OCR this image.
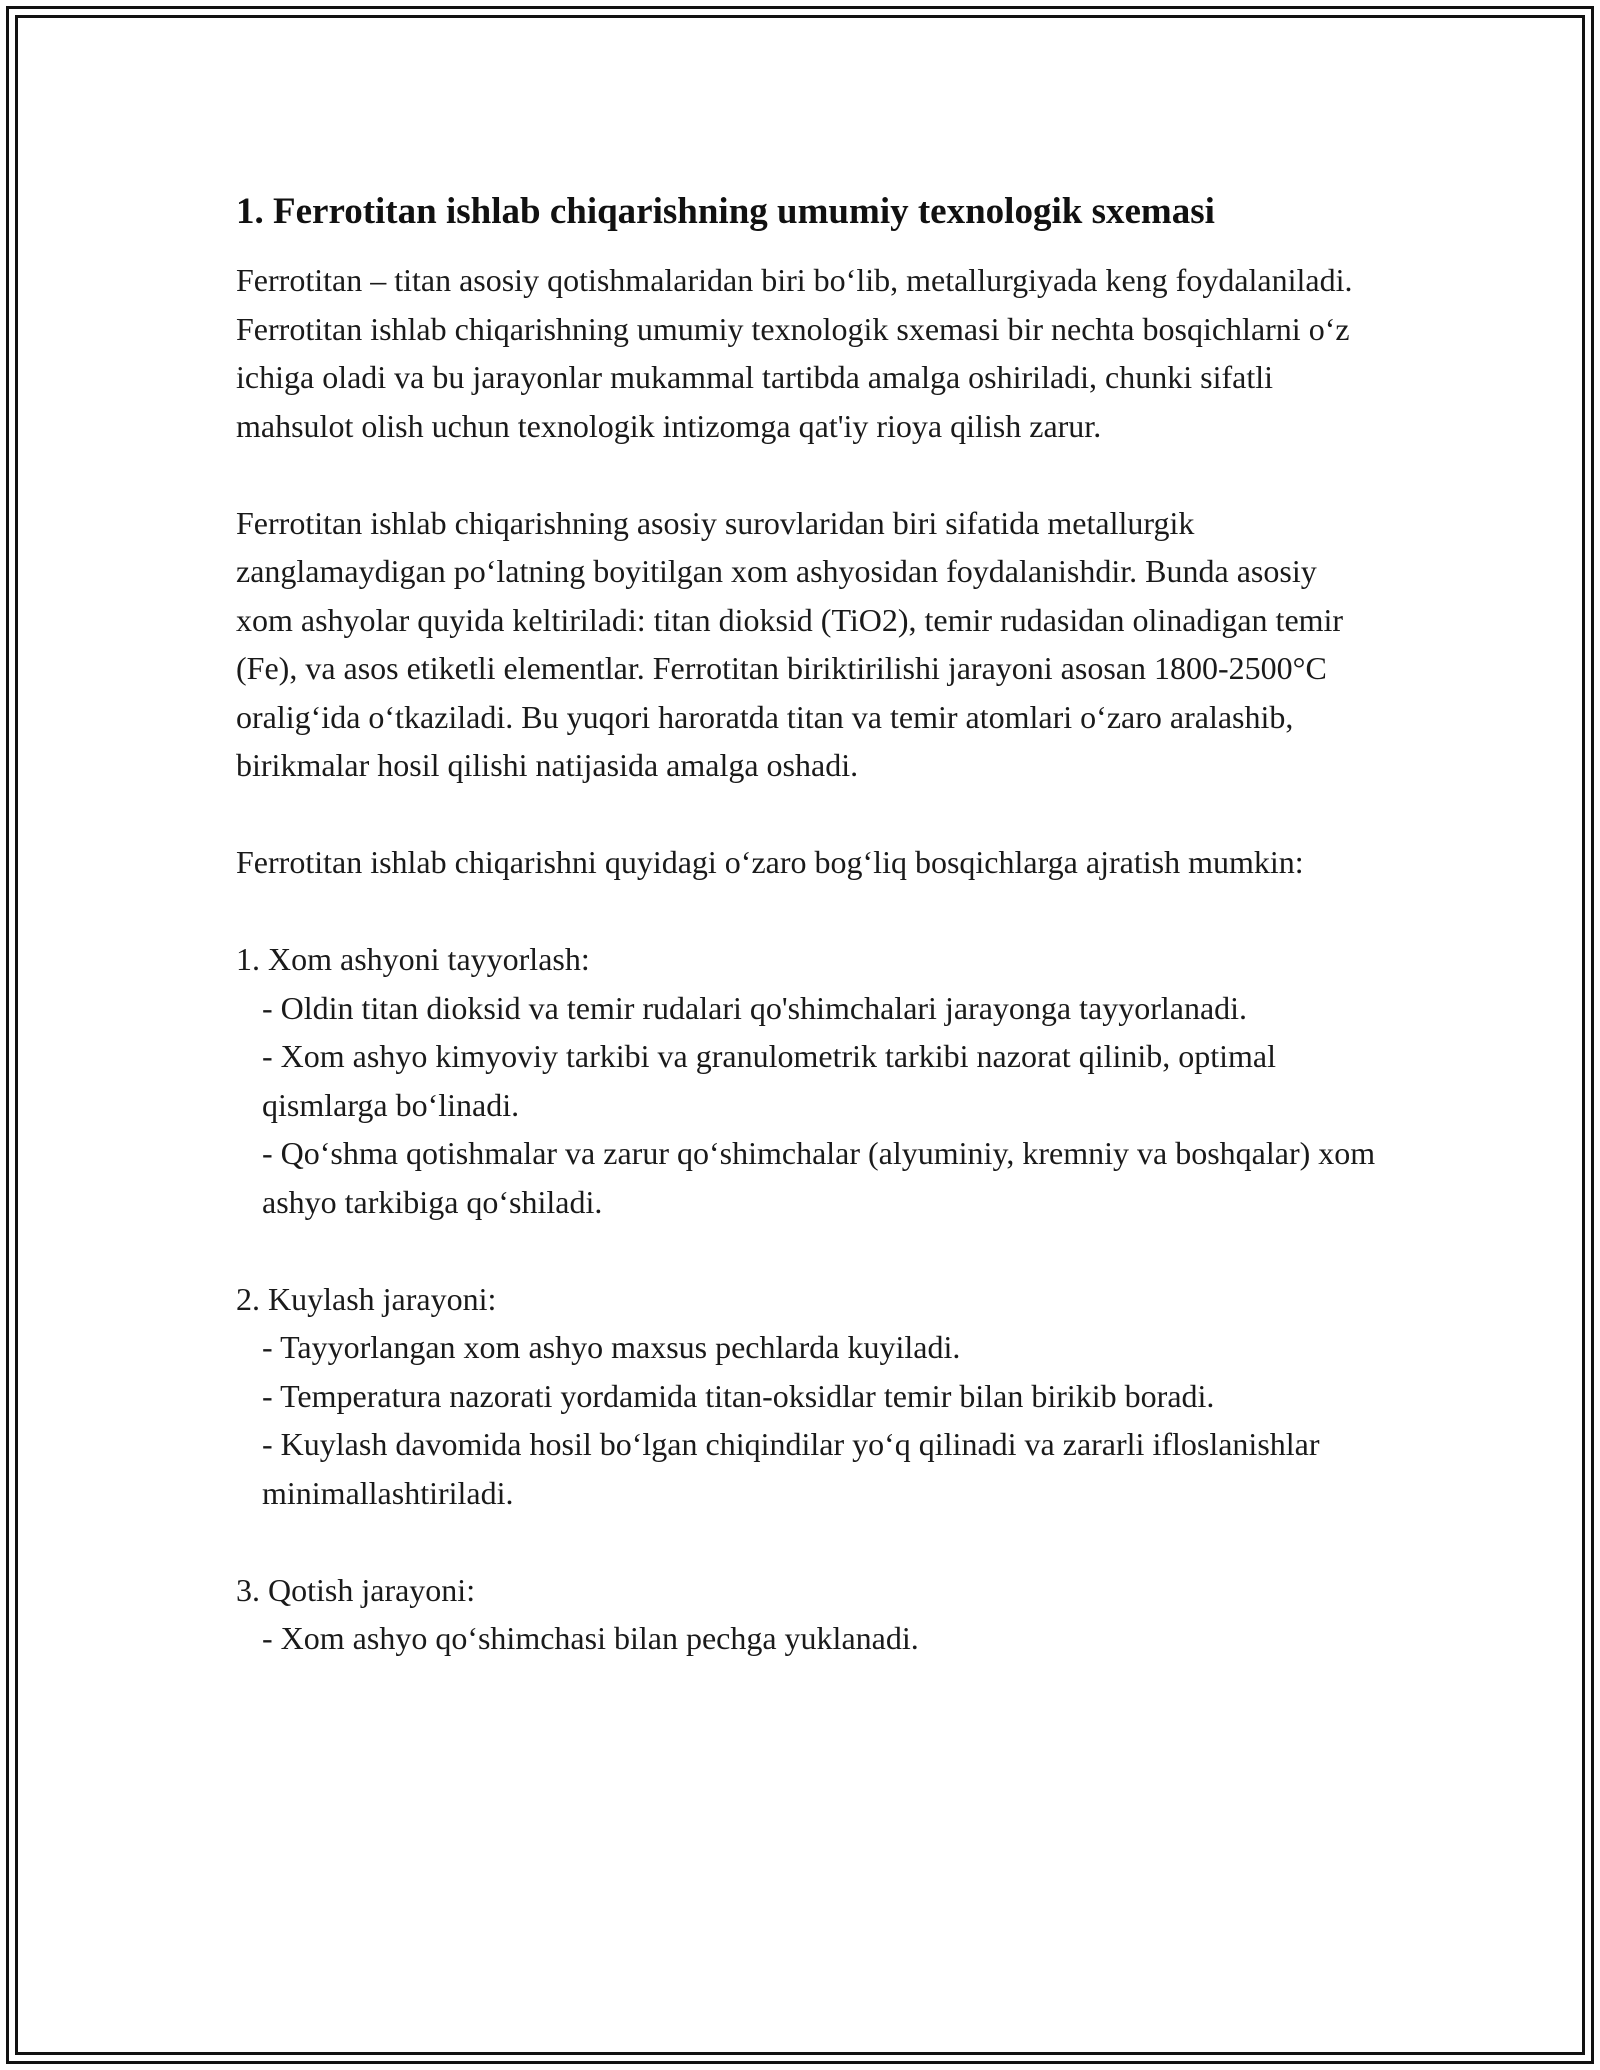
1. Ferrotitan ishlab chiqarishning umumiy texnologik sxemasi

Ferrotitan – titan asosiy qotishmalaridan biri bo‘lib, metallurgiyada keng foydalaniladi. Ferrotitan ishlab chiqarishning umumiy texnologik sxemasi bir nechta bosqichlarni o‘z ichiga oladi va bu jarayonlar mukammal tartibda amalga oshiriladi, chunki sifatli mahsulot olish uchun texnologik intizomga qat'iy rioya qilish zarur.

Ferrotitan ishlab chiqarishning asosiy surovlaridan biri sifatida metallurgik zanglamaydigan po‘latning boyitilgan xom ashyosidan foydalanishdir. Bunda asosiy xom ashyolar quyida keltiriladi: titan dioksid (TiO2), temir rudasidan olinadigan temir (Fe), va asos etiketli elementlar. Ferrotitan biriktirilishi jarayoni asosan 1800-2500°C oralig‘ida o‘tkaziladi. Bu yuqori haroratda titan va temir atomlari o‘zaro aralashib, birikmalar hosil qilishi natijasida amalga oshadi.

Ferrotitan ishlab chiqarishni quyidagi o‘zaro bog‘liq bosqichlarga ajratish mumkin:

1. Xom ashyoni tayyorlash:
- Oldin titan dioksid va temir rudalari qo'shimchalari jarayonga tayyorlanadi.
- Xom ashyo kimyoviy tarkibi va granulometrik tarkibi nazorat qilinib, optimal qismlarga bo‘linadi.
- Qo‘shma qotishmalar va zarur qo‘shimchalar (alyuminiy, kremniy va boshqalar) xom ashyo tarkibiga qo‘shiladi.
2. Kuylash jarayoni:
- Tayyorlangan xom ashyo maxsus pechlarda kuyiladi.
- Temperatura nazorati yordamida titan-oksidlar temir bilan birikib boradi.
- Kuylash davomida hosil bo‘lgan chiqindilar yo‘q qilinadi va zararli ifloslanishlar minimallashtiriladi.
3. Qotish jarayoni:
- Xom ashyo qo‘shimchasi bilan pechga yuklanadi.
